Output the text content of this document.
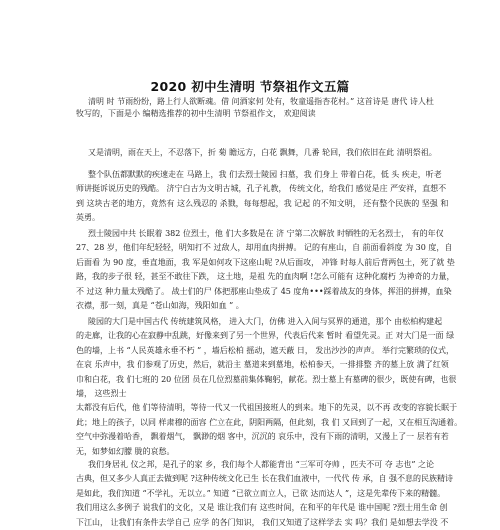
2020 初中生清明 节祭祖作文五篇
清明 时 节雨纷纷，路上行人欲断魂。借 问酒家何 处有，牧童遥指杏花村。” 这首诗是 唐代 诗人杜
牧写的，下面是小 编精选推荐的初中生清明 节祭祖作文， 欢迎阅读
又是清明，雨在天上，不忍落下，折 菊 瞻远方，白花 飘舞，几番 轮回，我们依旧在此 清明祭祖。
整个队伍都默默的疾速走在 马路上，我 们去烈士陵园 扫墓，我 们身上 带着白花，低 头 疾走，听老
师讲挺诉说历史的残酷。 济宁白古为文明古城，孔子礼教， 传统文化，给我们 感觉是庄 严安祥，直想不
到 这块古老的地方，竟然有 这么残忍的 杀戮，每每想起，我 记起 的不知文明， 还有整个民族的 坚强 和
英勇。
烈士陵园中共 长眠着 382 位烈士，他 们大多数是在 济 宁第二次解放 时牺牲的无名烈士， 有的年仅
27、28 岁，他们年纪轻轻，明知打不 过敌人，却用血肉拼搏。 记的有座山，自 前面看斜度 为 30 度，自
后面看 为 90 度，垂直地面，我 军是如何攻下这座山呢 ?从后面攻， 冲锋 时每人前后背两包土，死了就 垫
路，我的步子很 轻，甚至不敢往下跌， 这土地，是祖 先的血肉啊 !怎么可能有 这种化腐朽 为神奇的力量，
不 过这 种力量太残酷了。 战士们的尸 体把那座山垫成了 45 度角•••踩着战友的身体，挥泪的拼搏，血染
衣襟，那一刻，真是 “苍山如海，残阳如血 ” 。
陵园的大门是中国古代 传统建筑风格， 进入大门，仿佛 进入入间与冥界的通道，那个 由松柏构建起
的走廊，让我的心在寂静中乱跳，好像来到了另一个世界，代表后代来 暂时 看望先灵。正 对大门是一面 绿
色的墙，上书 “人民英雄永垂不朽 ” ，墙后松柏 摇动，遮天蔽 日， 发出沙沙的声声。 举行完繁琐的仪式，
在哀 乐声中，我 们参观了历史，然后，就沿主 墓道来到墓地，松柏参天，一排排整 齐的墓上放 满了红领
巾和白花，我 们七班的 20 位团 员在几位烈墓前集体鞠躬，献花。烈士墓上有墓碑的很少，既使有碑，也很
墙， 这些烈士
太都没有后代，他 们等待清明，等待一代又一代祖国接班人的到来。地下的先灵，以不再 改变的容貌长眠于
此；地上的孩子，以同 样肃穆的面容 伫立在此，阴阳两隔，但此刻，我 们 又回到了一起，又在相互沟通着。
空气中弥漫着哈香， 飘着烟气， 飘渺的烟 客中，沉沉的 哀乐中，没有下雨的清明，又漫上了一 层若有若
无，如梦如幻朦 胧的哀愁。
我们身居礼 仪之邦，是孔子的家 乡，我们每个人都能背出 “三军可夺帅 ，匹夫不可 夺 志也” 之论
古典，但又多少人真正去做到呢 ?这种传统文化已生 长在我们血液中，一代代 传 承，自 强不息的民族精诗
是如此，我们知道 “不学礼，无以立。” 知道 “已欲立而立人，已欲 达而达人 ”，这是先辈传下来的精髓。
我们用这么多例子 说我们的文化，又是 谁让我们有 这些时间，在和平的年代是 谁中国呢 ?烈士用生命 创
下江山， 让我们有条件去学自己 应学 的各门知识， 我们又知道了这样学去 实 吗？我们 是如想去学没 不
